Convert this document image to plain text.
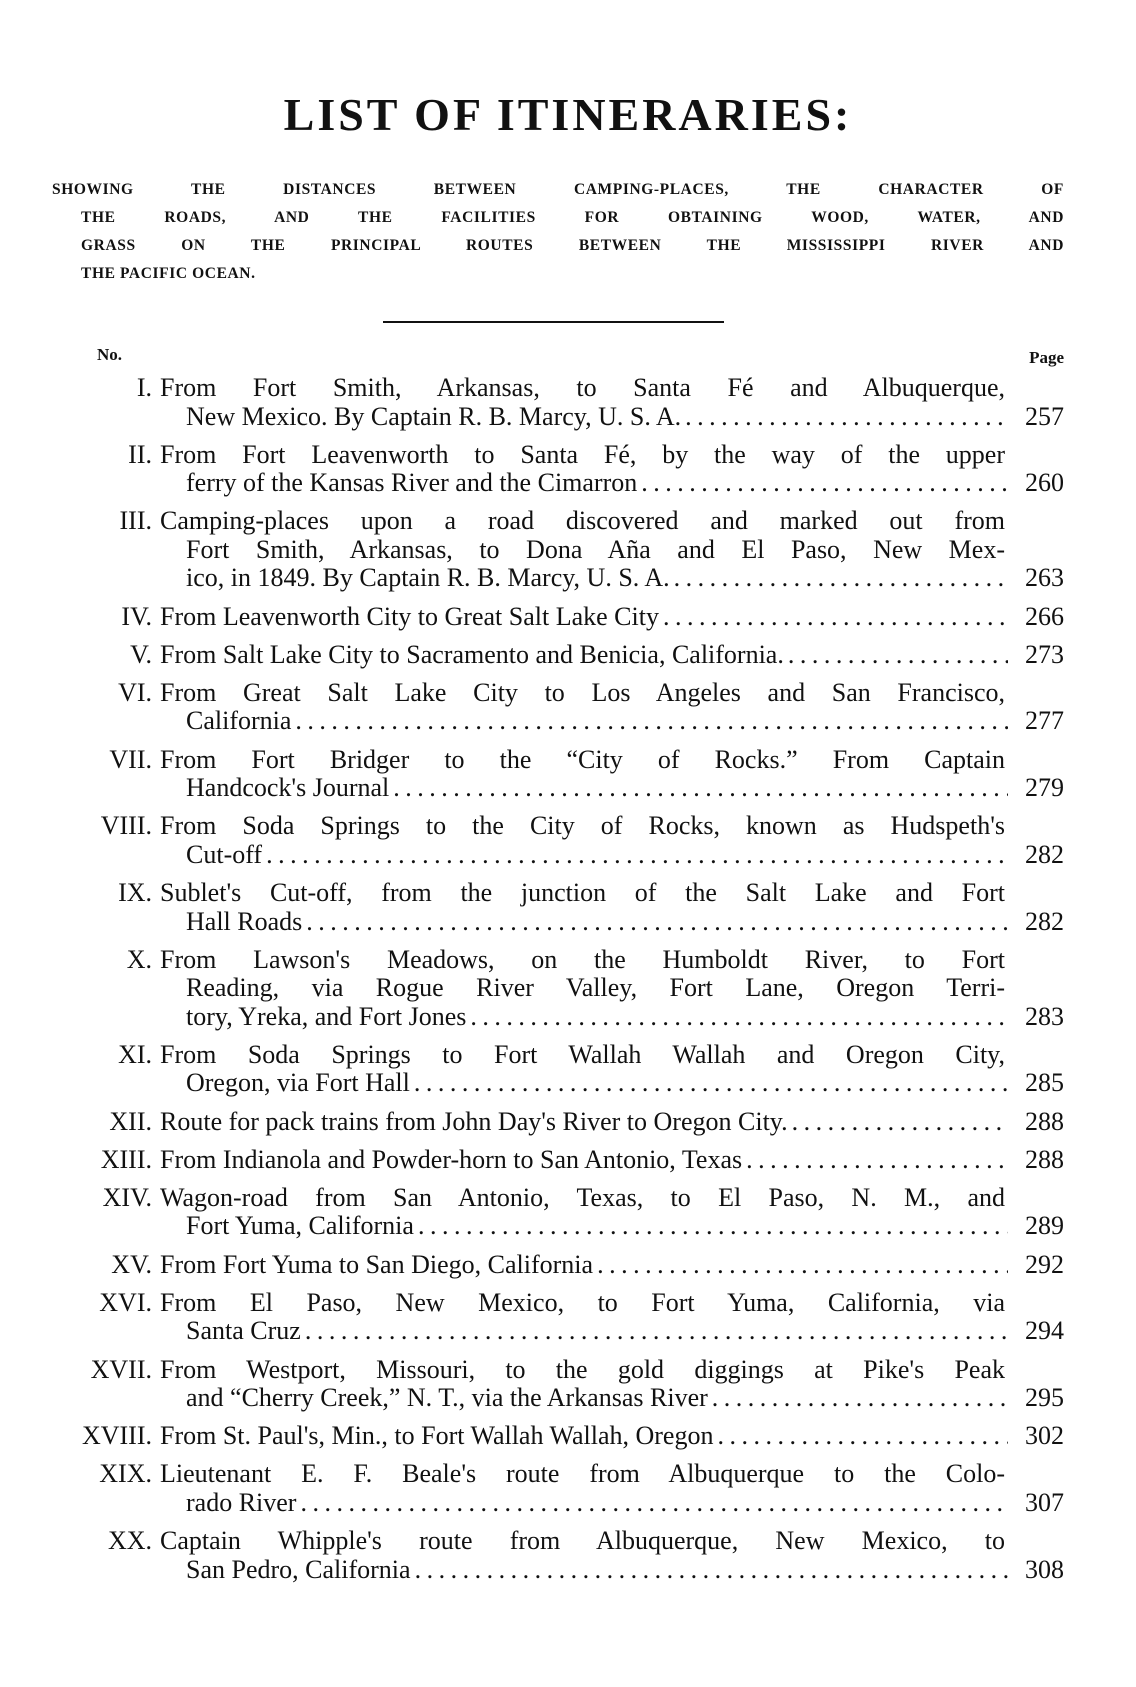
LIST OF ITINERARIES:
SHOWING THE DISTANCES BETWEEN CAMPING-PLACES, THE CHARACTER OF
THE ROADS, AND THE FACILITIES FOR OBTAINING WOOD, WATER, AND
GRASS ON THE PRINCIPAL ROUTES BETWEEN THE MISSISSIPPI RIVER AND
THE PACIFIC OCEAN.
No.	Page
I. From Fort Smith, Arkansas, to Santa Fé and Albuquerque,
New Mexico. By Captain R. B. Marcy, U. S. A. . . .	257
II. From Fort Leavenworth to Santa Fé, by the way of the upper
ferry of the Kansas River and the Cimarron . . .	260
III. Camping-places upon a road discovered and marked out from
Fort Smith, Arkansas, to Dona Aña and El Paso, New Mex-
ico, in 1849. By Captain R. B. Marcy, U. S. A. . . .	263
IV. From Leavenworth City to Great Salt Lake City . . .	266
V. From Salt Lake City to Sacramento and Benicia, California. . . .	273
VI. From Great Salt Lake City to Los Angeles and San Francisco,
California . . .	277
VII. From Fort Bridger to the “City of Rocks.” From Captain
Handcock's Journal . . .	279
VIII. From Soda Springs to the City of Rocks, known as Hudspeth's
Cut-off . . .	282
IX. Sublet's Cut-off, from the junction of the Salt Lake and Fort
Hall Roads . . .	282
X. From Lawson's Meadows, on the Humboldt River, to Fort
Reading, via Rogue River Valley, Fort Lane, Oregon Terri-
tory, Yreka, and Fort Jones . . .	283
XI. From Soda Springs to Fort Wallah Wallah and Oregon City,
Oregon, via Fort Hall . . .	285
XII. Route for pack trains from John Day's River to Oregon City. . . .	288
XIII. From Indianola and Powder-horn to San Antonio, Texas . . .	288
XIV. Wagon-road from San Antonio, Texas, to El Paso, N. M., and
Fort Yuma, California . . .	289
XV. From Fort Yuma to San Diego, California . . .	292
XVI. From El Paso, New Mexico, to Fort Yuma, California, via
Santa Cruz . . .	294
XVII. From Westport, Missouri, to the gold diggings at Pike's Peak
and “Cherry Creek,” N. T., via the Arkansas River . . .	295
XVIII. From St. Paul's, Min., to Fort Wallah Wallah, Oregon . . .	302
XIX. Lieutenant E. F. Beale's route from Albuquerque to the Colo-
rado River . . .	307
XX. Captain Whipple's route from Albuquerque, New Mexico, to
San Pedro, California . . .	308
